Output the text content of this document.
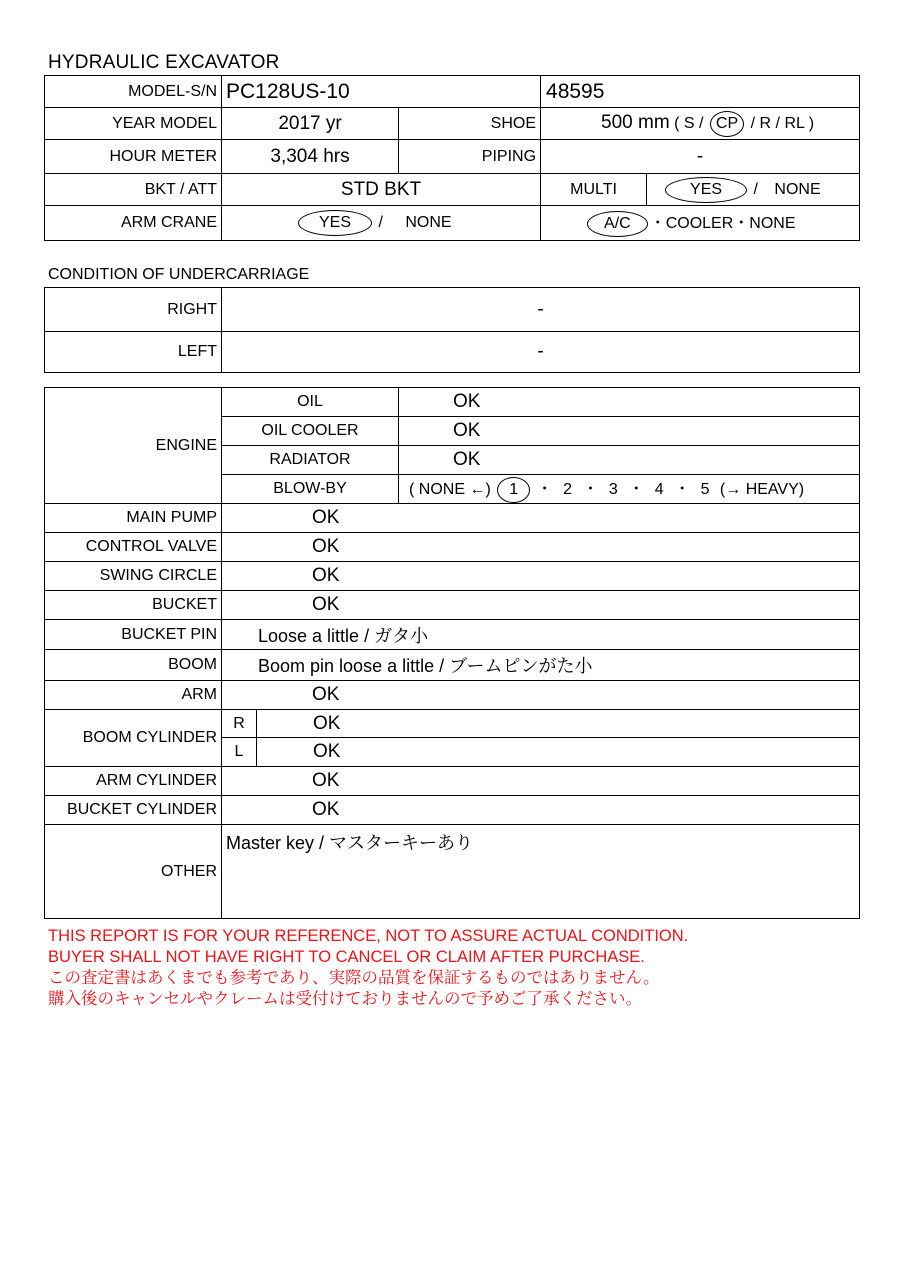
HYDRAULIC EXCAVATOR
MODEL-S/N	PC128US-10		48595	
YEAR MODEL	2017 yr	SHOE	500 mm ( S / CP / R / RL )	
HOUR METER	3,304 hrs	PIPING	-	
BKT / ATT	STD BKT		MULTI	YES / NONE
ARM CRANE	YES / NONE		A/C ・COOLER・NONE	
CONDITION OF UNDERCARRIAGE
RIGHT	-
LEFT	-
ENGINE	OIL		OK
	OIL COOLER		OK
	RADIATOR		OK
	BLOW-BY		( NONE ←) 1 ・ 2 ・ 3 ・ 4 ・ 5 (→ HEAVY)
MAIN PUMP	OK		
CONTROL VALVE	OK		
SWING CIRCLE	OK		
BUCKET	OK		
BUCKET PIN	Loose a little / ガタ小		
BOOM	Boom pin loose a little / ブームピンがた小		
ARM	OK		
BOOM CYLINDER	R	OK	
	L	OK	
ARM CYLINDER	OK		
BUCKET CYLINDER	OK		
OTHER	Master key / マスターキーあり		
THIS REPORT IS FOR YOUR REFERENCE, NOT TO ASSURE ACTUAL CONDITION.
BUYER SHALL NOT HAVE RIGHT TO CANCEL OR CLAIM AFTER PURCHASE.
この査定書はあくまでも参考であり、実際の品質を保証するものではありません。
購入後のキャンセルやクレームは受付けておりませんので予めご了承ください。
